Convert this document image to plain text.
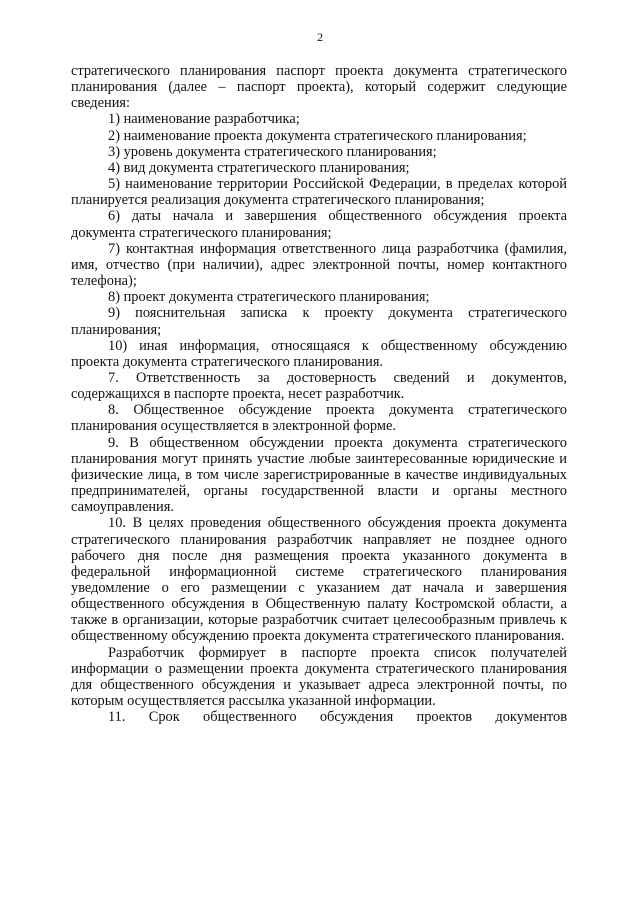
2

стратегического планирования паспорт проекта документа стратегического планирования (далее – паспорт проекта), который содержит следующие сведения:

1) наименование разработчика;

2) наименование проекта документа стратегического планирования;

3) уровень документа стратегического планирования;

4) вид документа стратегического планирования;

5) наименование территории Российской Федерации, в пределах которой планируется реализация документа стратегического планирования;

6) даты начала и завершения общественного обсуждения проекта документа стратегического планирования;

7) контактная информация ответственного лица разработчика (фамилия, имя, отчество (при наличии), адрес электронной почты, номер контактного телефона);

8) проект документа стратегического планирования;

9) пояснительная записка к проекту документа стратегического планирования;

10) иная информация, относящаяся к общественному обсуждению проекта документа стратегического планирования.

7. Ответственность за достоверность сведений и документов, содержащихся в паспорте проекта, несет разработчик.

8. Общественное обсуждение проекта документа стратегического планирования осуществляется в электронной форме.

9. В общественном обсуждении проекта документа стратегического планирования могут принять участие любые заинтересованные юридические и физические лица, в том числе зарегистрированные в качестве индивидуальных предпринимателей, органы государственной власти и органы местного самоуправления.

10. В целях проведения общественного обсуждения проекта документа стратегического планирования разработчик направляет не позднее одного рабочего дня после дня размещения проекта указанного документа в федеральной информационной системе стратегического планирования уведомление о его размещении с указанием дат начала и завершения общественного обсуждения в Общественную палату Костромской области, а также в организации, которые разработчик считает целесообразным привлечь к общественному обсуждению проекта документа стратегического планирования.

Разработчик формирует в паспорте проекта список получателей информации о размещении проекта документа стратегического планирования для общественного обсуждения и указывает адреса электронной почты, по которым осуществляется рассылка указанной информации.

11. Срок общественного обсуждения проектов документов
